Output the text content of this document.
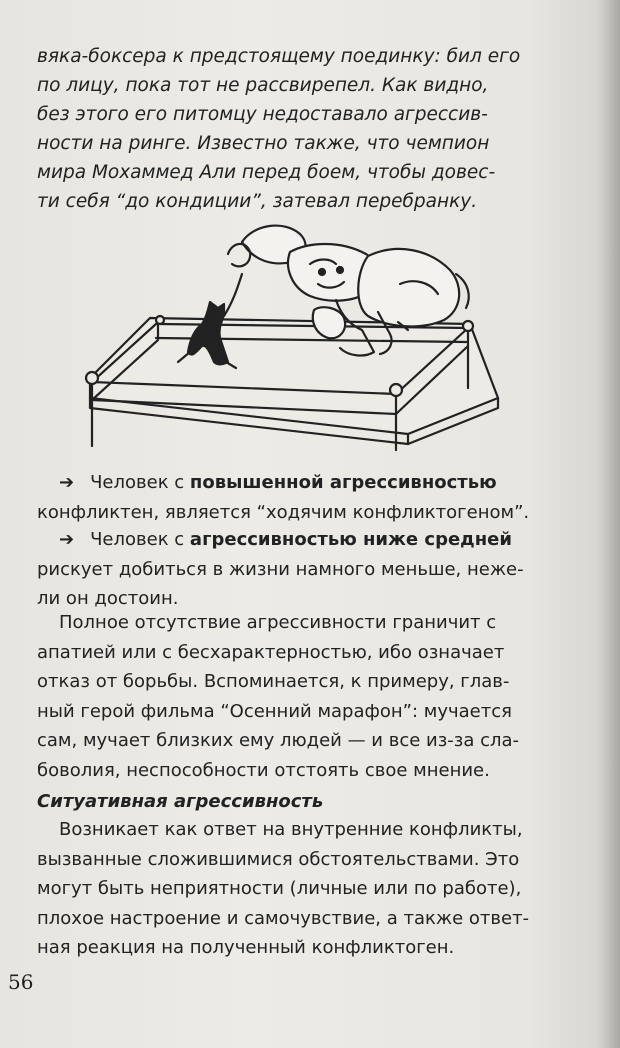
вяка-боксера к предстоящему поединку: бил его
по лицу, пока тот не рассвирепел. Как видно,
без этого его питомцу недоставало агрессив-
ности на ринге. Известно также, что чемпион
мира Мохаммед Али перед боем, чтобы довес-
ти себя “до кондиции”, затевал перебранку.

➔ Человек с повышенной агрессивностью
конфликтен, является “ходячим конфликтогеном”.

➔ Человек с агрессивностью ниже средней
рискует добиться в жизни намного меньше, неже-
ли он достоин.

Полное отсутствие агрессивности граничит с
апатией или с бесхарактерностью, ибо означает
отказ от борьбы. Вспоминается, к примеру, глав-
ный герой фильма “Осенний марафон”: мучается
сам, мучает близких ему людей — и все из-за сла-
боволия, неспособности отстоять свое мнение.

Ситуативная агрессивность

Возникает как ответ на внутренние конфликты,
вызванные сложившимися обстоятельствами. Это
могут быть неприятности (личные или по работе),
плохое настроение и самочувствие, а также ответ-
ная реакция на полученный конфликтоген.

56
